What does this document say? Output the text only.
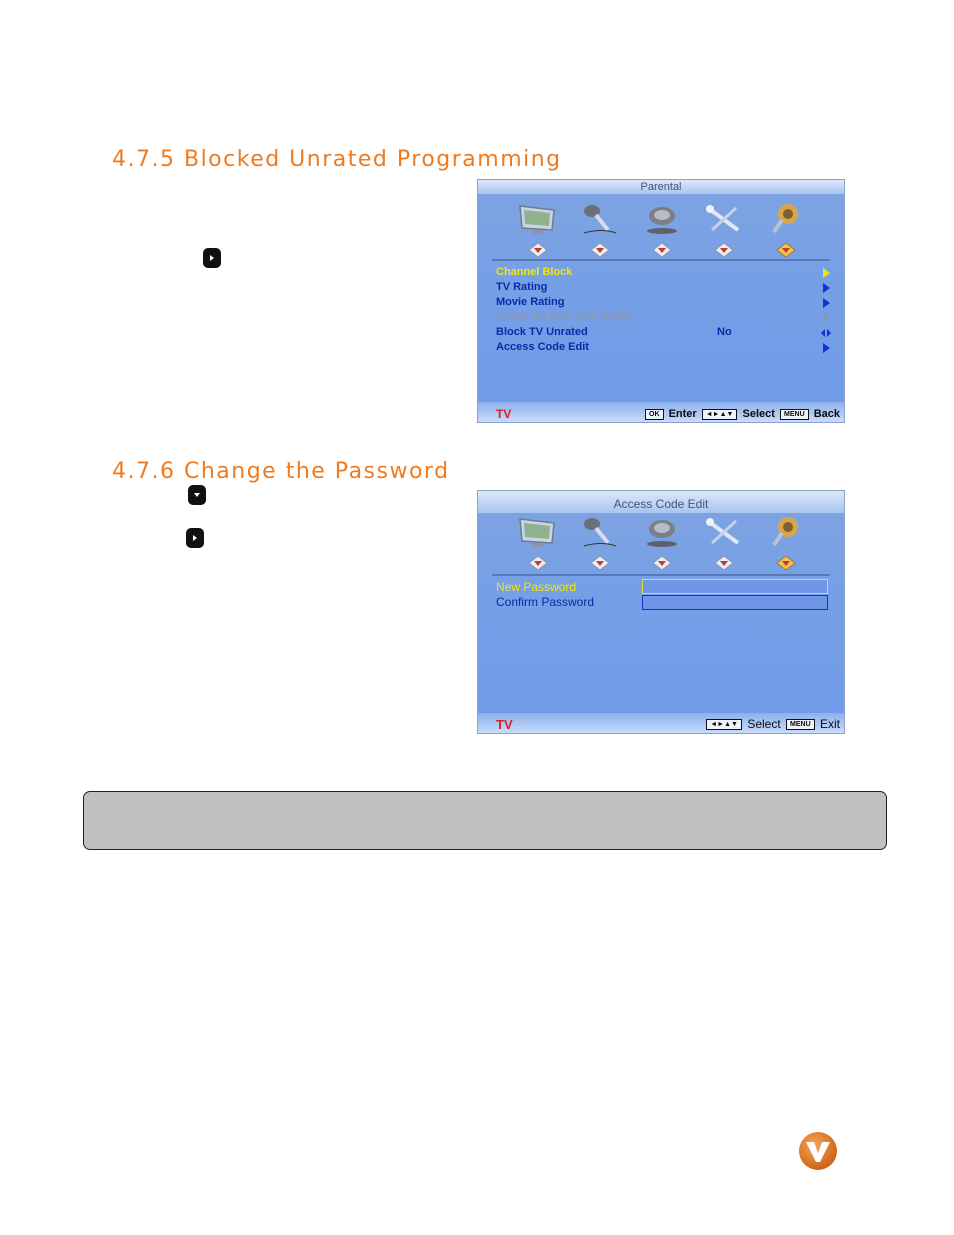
4.7.5 Blocked Unrated Programming
4.7.6 Change the Password
Parental
Channel Block
TV Rating
Movie Rating
Check for New DTV Rating
Block TV Unrated	No
Access Code Edit
TV	OK Enter ◄►▲▼ Select MENU Back
Access Code Edit
New Password
Confirm Password
TV	◄►▲▼ Select MENU Exit
